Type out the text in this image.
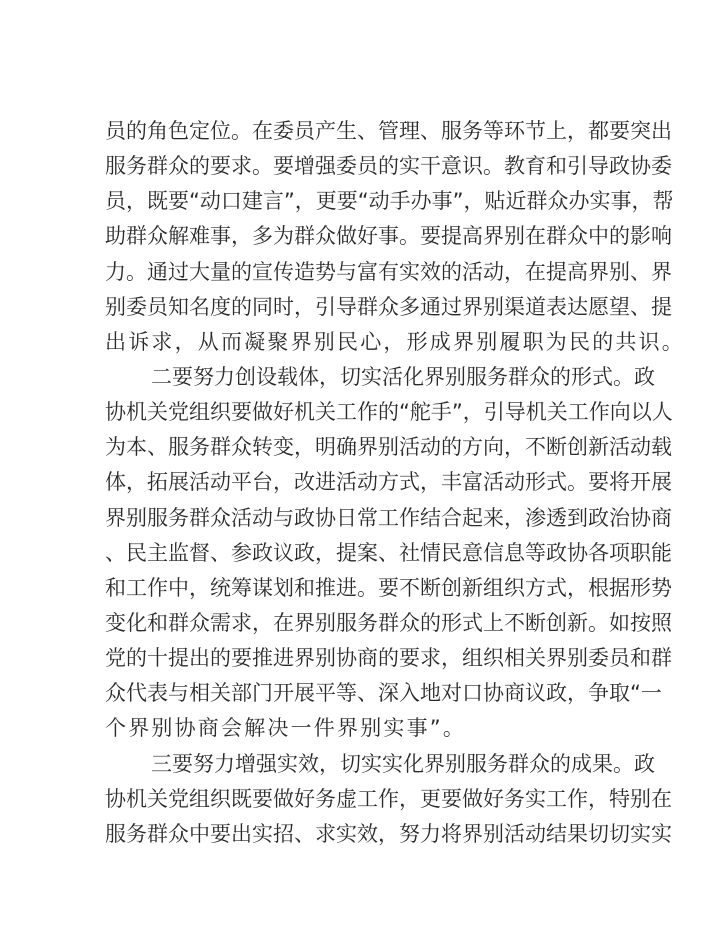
员的角色定位。在委员产生、管理、服务等环节上，都要突出
服务群众的要求。要增强委员的实干意识。教育和引导政协委
员，既要“动口建言”，更要“动手办事”，贴近群众办实事，帮
助群众解难事，多为群众做好事。要提高界别在群众中的影响
力。通过大量的宣传造势与富有实效的活动，在提高界别、界
别委员知名度的同时，引导群众多通过界别渠道表达愿望、提
出诉求，从而凝聚界别民心，形成界别履职为民的共识。
二要努力创设载体，切实活化界别服务群众的形式。政
协机关党组织要做好机关工作的“舵手”，引导机关工作向以人
为本、服务群众转变，明确界别活动的方向，不断创新活动载
体，拓展活动平台，改进活动方式，丰富活动形式。要将开展
界别服务群众活动与政协日常工作结合起来，渗透到政治协商
、民主监督、参政议政，提案、社情民意信息等政协各项职能
和工作中，统筹谋划和推进。要不断创新组织方式，根据形势
变化和群众需求，在界别服务群众的形式上不断创新。如按照
党的十提出的要推进界别协商的要求，组织相关界别委员和群
众代表与相关部门开展平等、深入地对口协商议政，争取“一
个界别协商会解决一件界别实事”。
三要努力增强实效，切实实化界别服务群众的成果。政
协机关党组织既要做好务虚工作，更要做好务实工作，特别在
服务群众中要出实招、求实效，努力将界别活动结果切切实实
